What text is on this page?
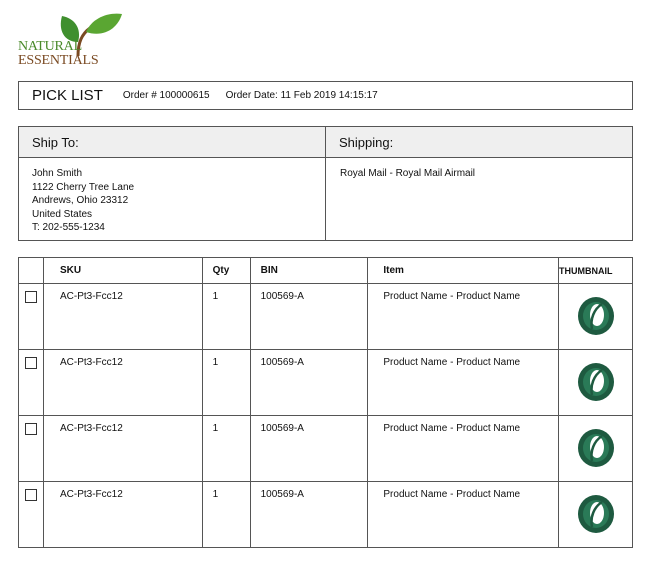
NATURAL
ESSENTIALS
PICK LIST Order # 100000615 Order Date: 11 Feb 2019 14:15:17
Ship To:
John Smith
1122 Cherry Tree Lane
Andrews, Ohio 23312
United States
T: 202-555-1234
Shipping:
Royal Mail - Royal Mail Airmail
	SKU	Qty	BIN	Item	THUMBNAIL

	AC-Pt3-Fcc12	1	100569-A	Product Name - Product Name	

	AC-Pt3-Fcc12	1	100569-A	Product Name - Product Name	

	AC-Pt3-Fcc12	1	100569-A	Product Name - Product Name	

	AC-Pt3-Fcc12	1	100569-A	Product Name - Product Name	
